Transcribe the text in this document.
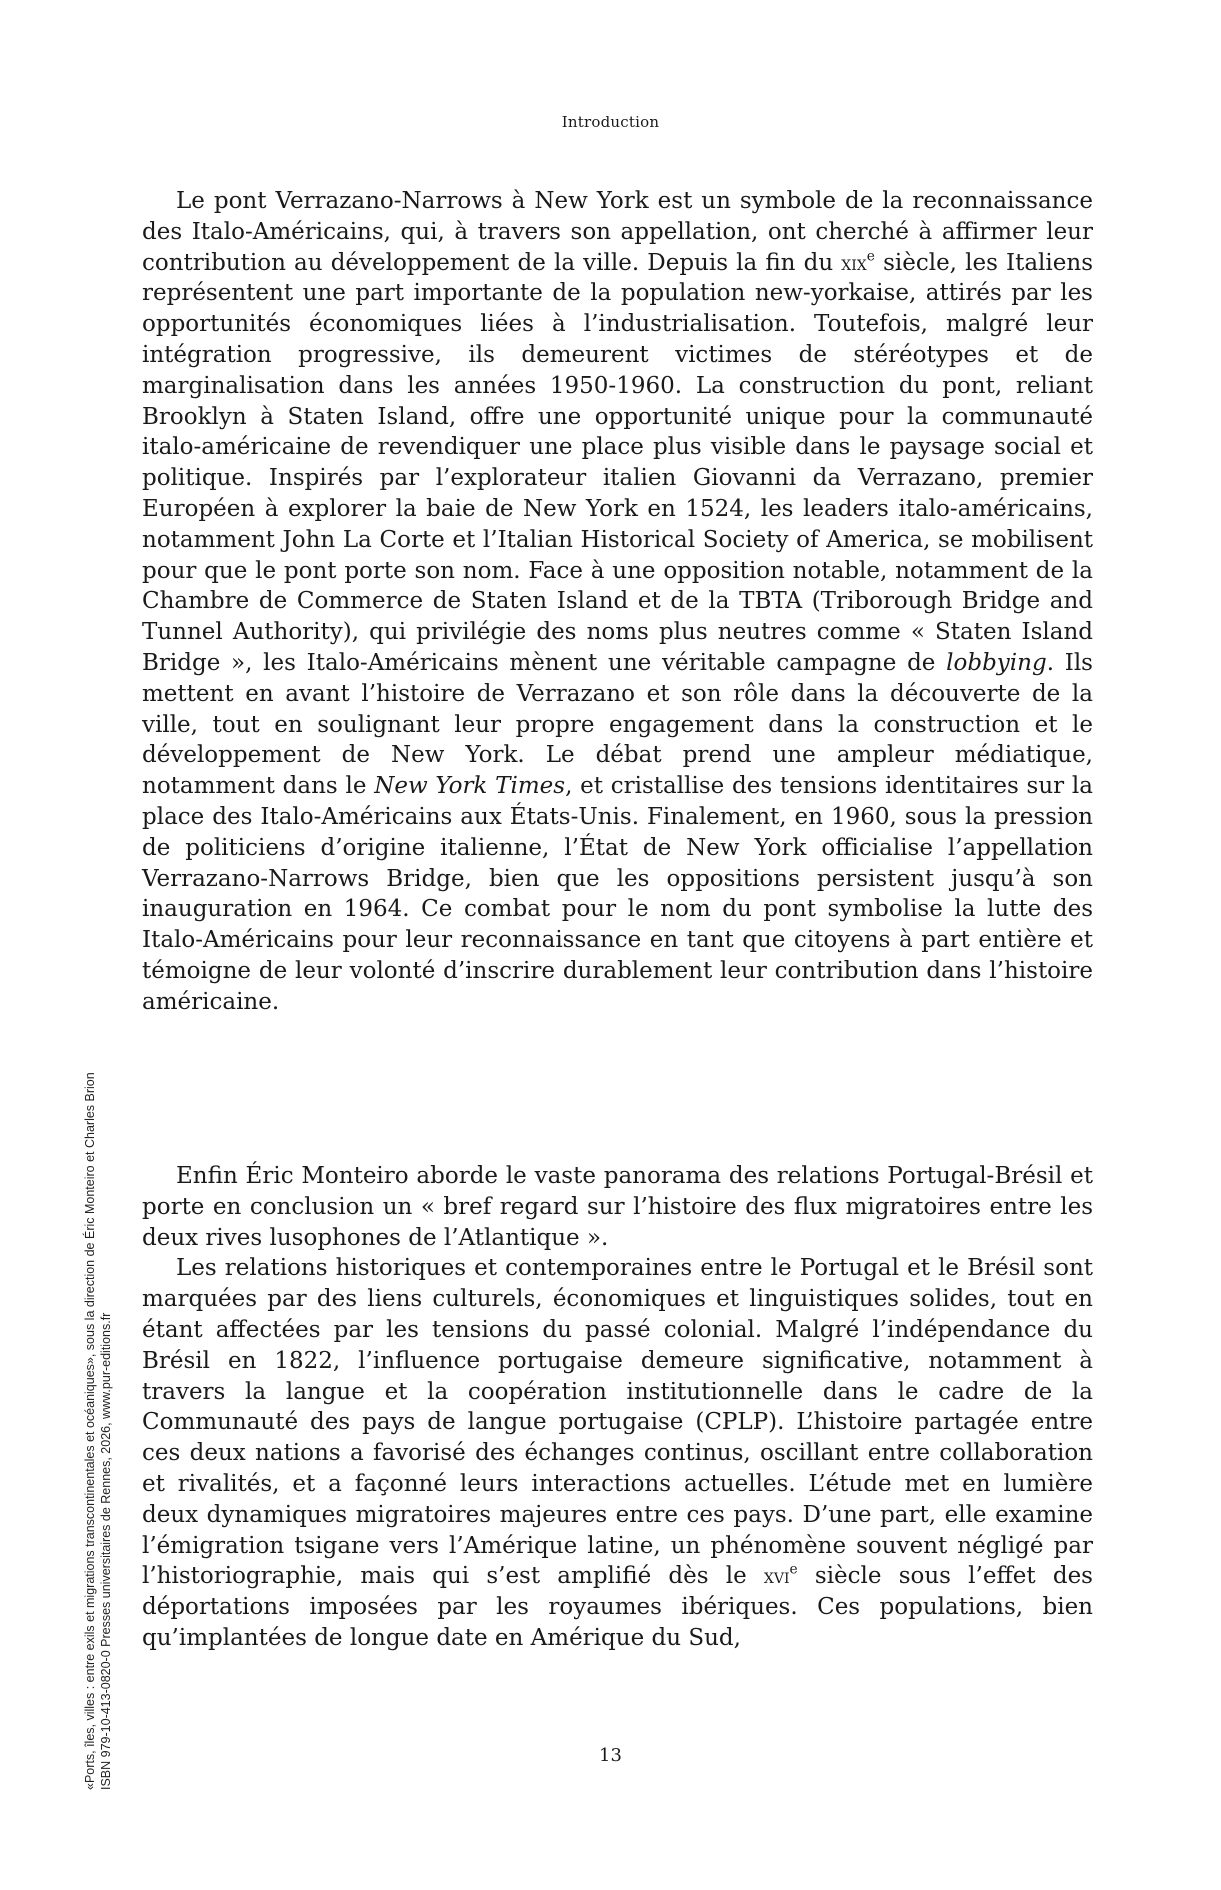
Introduction

Le pont Verrazano-Narrows à New York est un symbole de la reconnaissance des Italo-Américains, qui, à travers son appellation, ont cherché à affirmer leur contribution au développement de la ville. Depuis la fin du xix$^e$ siècle, les Italiens représentent une part importante de la population new-yorkaise, attirés par les opportunités économiques liées à l’industrialisation. Toutefois, malgré leur intégration progressive, ils demeurent victimes de stéréotypes et de marginalisation dans les années 1950-1960. La construction du pont, reliant Brooklyn à Staten Island, offre une opportunité unique pour la communauté italo-américaine de revendiquer une place plus visible dans le paysage social et politique. Inspirés par l’explorateur italien Giovanni da Verrazano, premier Européen à explorer la baie de New York en 1524, les leaders italo-américains, notamment John La Corte et l’Italian Historical Society of America, se mobilisent pour que le pont porte son nom. Face à une opposition notable, notamment de la Chambre de Commerce de Staten Island et de la TBTA (Triborough Bridge and Tunnel Authority), qui privilégie des noms plus neutres comme « Staten Island Bridge », les Italo-Américains mènent une véritable campagne de lobbying. Ils mettent en avant l’histoire de Verrazano et son rôle dans la découverte de la ville, tout en soulignant leur propre engagement dans la construction et le développement de New York. Le débat prend une ampleur médiatique, notamment dans le New York Times, et cristallise des tensions identitaires sur la place des Italo-Américains aux États-Unis. Finalement, en 1960, sous la pression de politiciens d’origine italienne, l’État de New York officialise l’appellation Verrazano-Narrows Bridge, bien que les oppositions persistent jusqu’à son inauguration en 1964. Ce combat pour le nom du pont symbolise la lutte des Italo-Américains pour leur reconnaissance en tant que citoyens à part entière et témoigne de leur volonté d’inscrire durablement leur contribution dans l’histoire américaine.

Enfin Éric Monteiro aborde le vaste panorama des relations Portugal-Brésil et porte en conclusion un « bref regard sur l’histoire des flux migratoires entre les deux rives lusophones de l’Atlantique ».

Les relations historiques et contemporaines entre le Portugal et le Brésil sont marquées par des liens culturels, économiques et linguistiques solides, tout en étant affectées par les tensions du passé colonial. Malgré l’indépendance du Brésil en 1822, l’influence portugaise demeure significative, notamment à travers la langue et la coopération institutionnelle dans le cadre de la Communauté des pays de langue portugaise (CPLP). L’histoire partagée entre ces deux nations a favorisé des échanges continus, oscillant entre collaboration et rivalités, et a façonné leurs interactions actuelles. L’étude met en lumière deux dynamiques migratoires majeures entre ces pays. D’une part, elle examine l’émigration tsigane vers l’Amérique latine, un phénomène souvent négligé par l’historiographie, mais qui s’est amplifié dès le xvi$^e$ siècle sous l’effet des déportations imposées par les royaumes ibériques. Ces populations, bien qu’implantées de longue date en Amérique du Sud,

«Ports, îles, villes : entre exils et migrations transcontinentales et océaniques», sous la direction de Éric Monteiro et Charles Brion ISBN 979-10-413-0820-0 Presses universitaires de Rennes, 2026, www.pur-editions.fr	13
